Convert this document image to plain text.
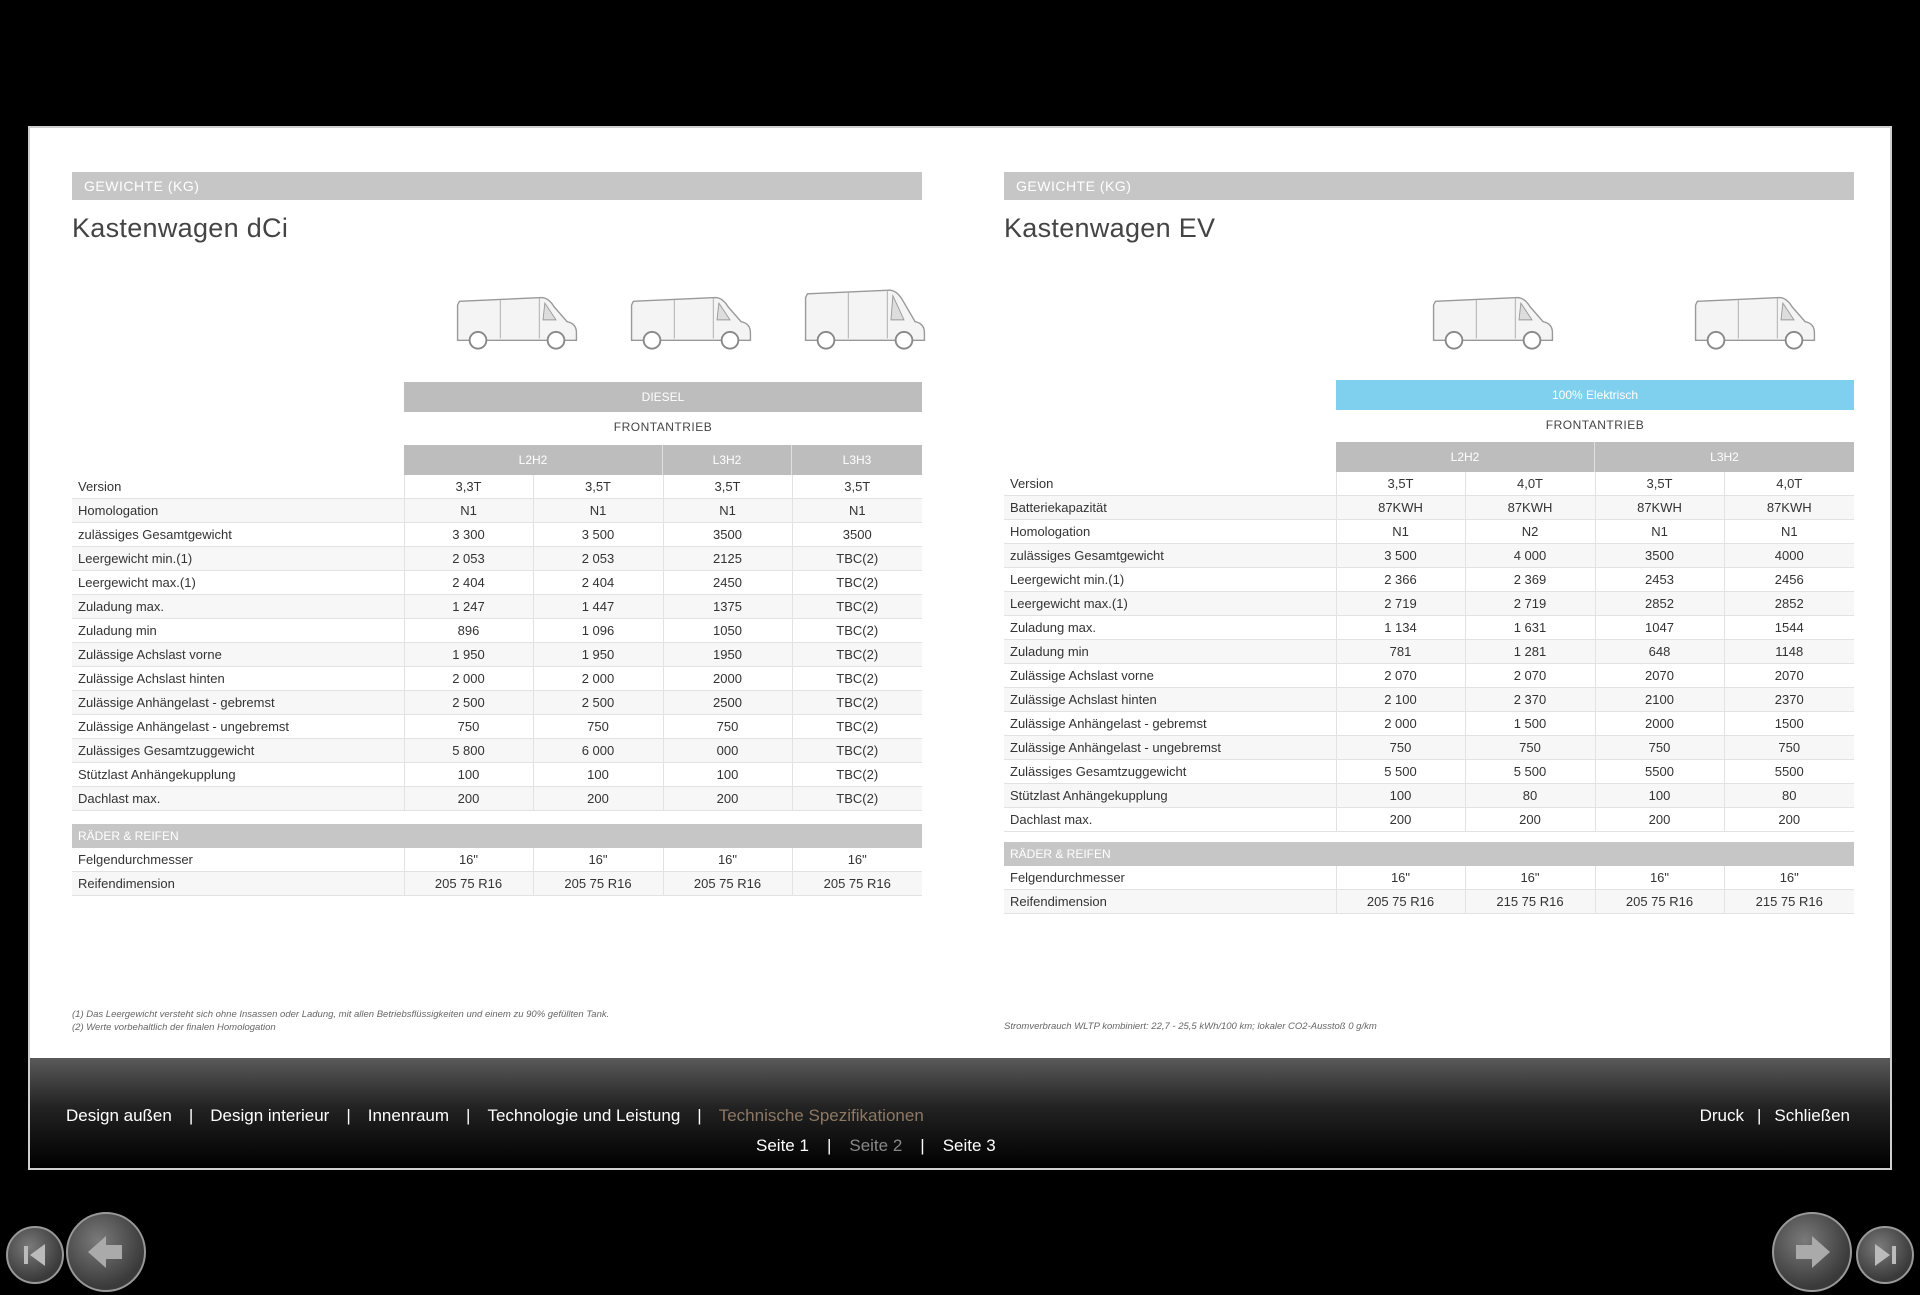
GEWICHTE (KG)
Kastenwagen dCi
DIESEL
FRONTANTRIEB
L2H2	L3H2	L3H3
Version	3,3T	3,5T	3,5T	3,5T
Homologation	N1	N1	N1	N1
zulässiges Gesamtgewicht	3 300	3 500	3500	3500
Leergewicht min.(1)	2 053	2 053	2125	TBC(2)
Leergewicht max.(1)	2 404	2 404	2450	TBC(2)
Zuladung max.	1 247	1 447	1375	TBC(2)
Zuladung min	896	1 096	1050	TBC(2)
Zulässige Achslast vorne	1 950	1 950	1950	TBC(2)
Zulässige Achslast hinten	2 000	2 000	2000	TBC(2)
Zulässige Anhängelast - gebremst	2 500	2 500	2500	TBC(2)
Zulässige Anhängelast - ungebremst	750	750	750	TBC(2)
Zulässiges Gesamtzuggewicht	5 800	6 000	000	TBC(2)
Stützlast Anhängekupplung	100	100	100	TBC(2)
Dachlast max.	200	200	200	TBC(2)
RÄDER & REIFEN
Felgendurchmesser	16"	16"	16"	16"
Reifendimension	205 75 R16	205 75 R16	205 75 R16	205 75 R16
(1) Das Leergewicht versteht sich ohne Insassen oder Ladung, mit allen Betriebsflüssigkeiten und einem zu 90% gefüllten Tank.
(2) Werte vorbehaltlich der finalen Homologation
GEWICHTE (KG)
Kastenwagen EV
100% Elektrisch
FRONTANTRIEB
L2H2	L3H2
Version	3,5T	4,0T	3,5T	4,0T
Batteriekapazität	87KWH	87KWH	87KWH	87KWH
Homologation	N1	N2	N1	N1
zulässiges Gesamtgewicht	3 500	4 000	3500	4000
Leergewicht min.(1)	2 366	2 369	2453	2456
Leergewicht max.(1)	2 719	2 719	2852	2852
Zuladung max.	1 134	1 631	1047	1544
Zuladung min	781	1 281	648	1148
Zulässige Achslast vorne	2 070	2 070	2070	2070
Zulässige Achslast hinten	2 100	2 370	2100	2370
Zulässige Anhängelast - gebremst	2 000	1 500	2000	1500
Zulässige Anhängelast - ungebremst	750	750	750	750
Zulässiges Gesamtzuggewicht	5 500	5 500	5500	5500
Stützlast Anhängekupplung	100	80	100	80
Dachlast max.	200	200	200	200
RÄDER & REIFEN
Felgendurchmesser	16"	16"	16"	16"
Reifendimension	205 75 R16	215 75 R16	205 75 R16	215 75 R16
Stromverbrauch WLTP kombiniert: 22,7 - 25,5 kWh/100 km; lokaler CO2-Ausstoß 0 g/km
Design außen | Design interieur | Innenraum | Technologie und Leistung | Technische Spezifikationen
Seite 1 | Seite 2 | Seite 3
Druck | Schließen
